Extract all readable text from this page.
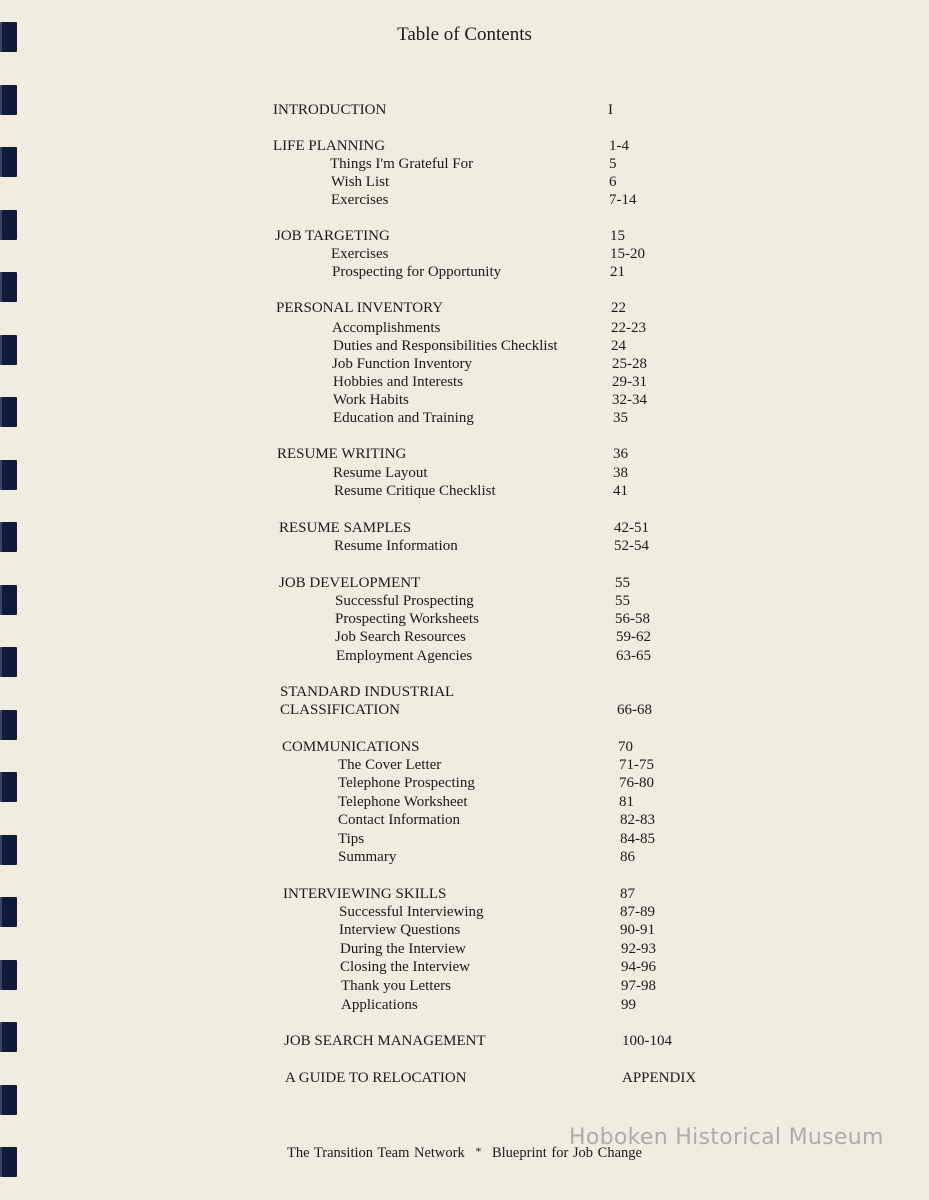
Table of Contents
INTRODUCTION	I
LIFE PLANNING	1-4
Things I'm Grateful For	5
Wish List	6
Exercises	7-14
JOB TARGETING	15
Exercises	15-20
Prospecting for Opportunity	21
PERSONAL INVENTORY	22
Accomplishments	22-23
Duties and Responsibilities Checklist	24
Job Function Inventory	25-28
Hobbies and Interests	29-31
Work Habits	32-34
Education and Training	35
RESUME WRITING	36
Resume Layout	38
Resume Critique Checklist	41
RESUME SAMPLES	42-51
Resume Information	52-54
JOB DEVELOPMENT	55
Successful Prospecting	55
Prospecting Worksheets	56-58
Job Search Resources	59-62
Employment Agencies	63-65
STANDARD INDUSTRIAL
CLASSIFICATION	66-68
COMMUNICATIONS	70
The Cover Letter	71-75
Telephone Prospecting	76-80
Telephone Worksheet	81
Contact Information	82-83
Tips	84-85
Summary	86
INTERVIEWING SKILLS	87
Successful Interviewing	87-89
Interview Questions	90-91
During the Interview	92-93
Closing the Interview	94-96
Thank you Letters	97-98
Applications	99
JOB SEARCH MANAGEMENT	100-104
A GUIDE TO RELOCATION	APPENDIX
The Transition Team Network * Blueprint for Job Change
Hoboken Historical Museum
